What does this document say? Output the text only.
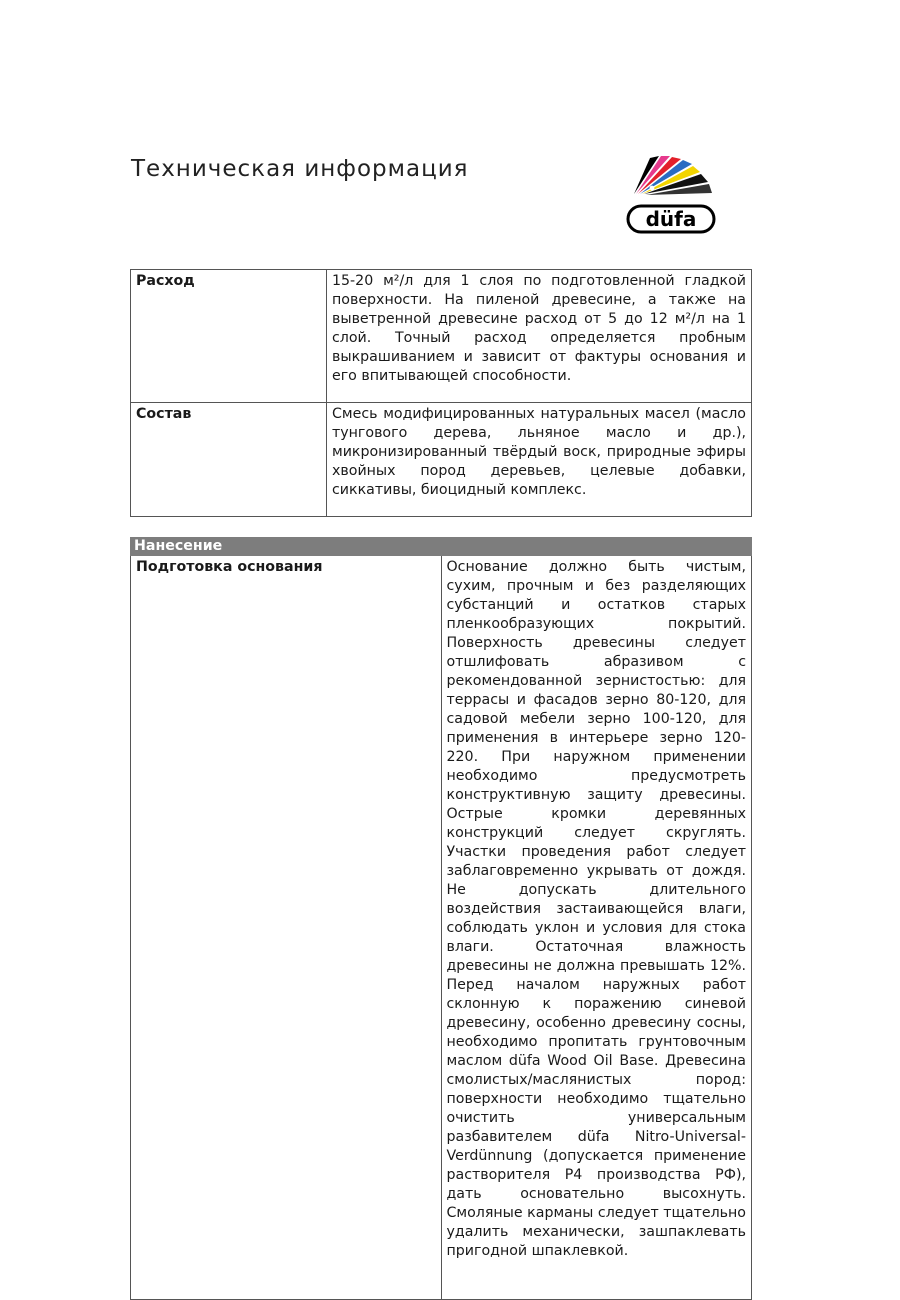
Техническая информация
düfa
Расход	15-20 м²/л для 1 слоя по подготовленной гладкой поверхности. На пиленой древесине, а также на выветренной древесине расход от 5 до 12 м²/л на 1 слой. Точный расход определяется пробным выкрашиванием и зависит от фактуры основания и его впитывающей способности.
Состав	Смесь модифицированных натуральных масел (масло тунгового дерева, льняное масло и др.), микронизированный твёрдый воск, природные эфиры хвойных пород деревьев, целевые добавки, сиккативы, биоцидный комплекс.
Нанесение
Подготовка основания	Основание должно быть чистым, сухим, прочным и без разделяющих субстанций и остатков старых пленкообразующих покрытий. Поверхность древесины следует отшлифовать абразивом с рекомендованной зернистостью: для террасы и фасадов зерно 80-120, для садовой мебели зерно 100-120, для применения в интерьере зерно 120-220. При наружном применении необходимо предусмотреть конструктивную защиту древесины. Острые кромки деревянных конструкций следует скруглять. Участки проведения работ следует заблаговременно укрывать от дождя. Не допускать длительного воздействия застаивающейся влаги, соблюдать уклон и условия для стока влаги. Остаточная влажность древесины не должна превышать 12%. Перед началом наружных работ склонную к поражению синевой древесину, особенно древесину сосны, необходимо пропитать грунтовочным маслом düfa Wood Oil Base. Древесина смолистых/маслянистых пород: поверхности необходимо тщательно очистить универсальным разбавителем düfa Nitro-Universal-Verdünnung (допускается применение растворителя Р4 производства РФ), дать основательно высохнуть. Смоляные карманы следует тщательно удалить механически, зашпаклевать пригодной шпаклевкой.
